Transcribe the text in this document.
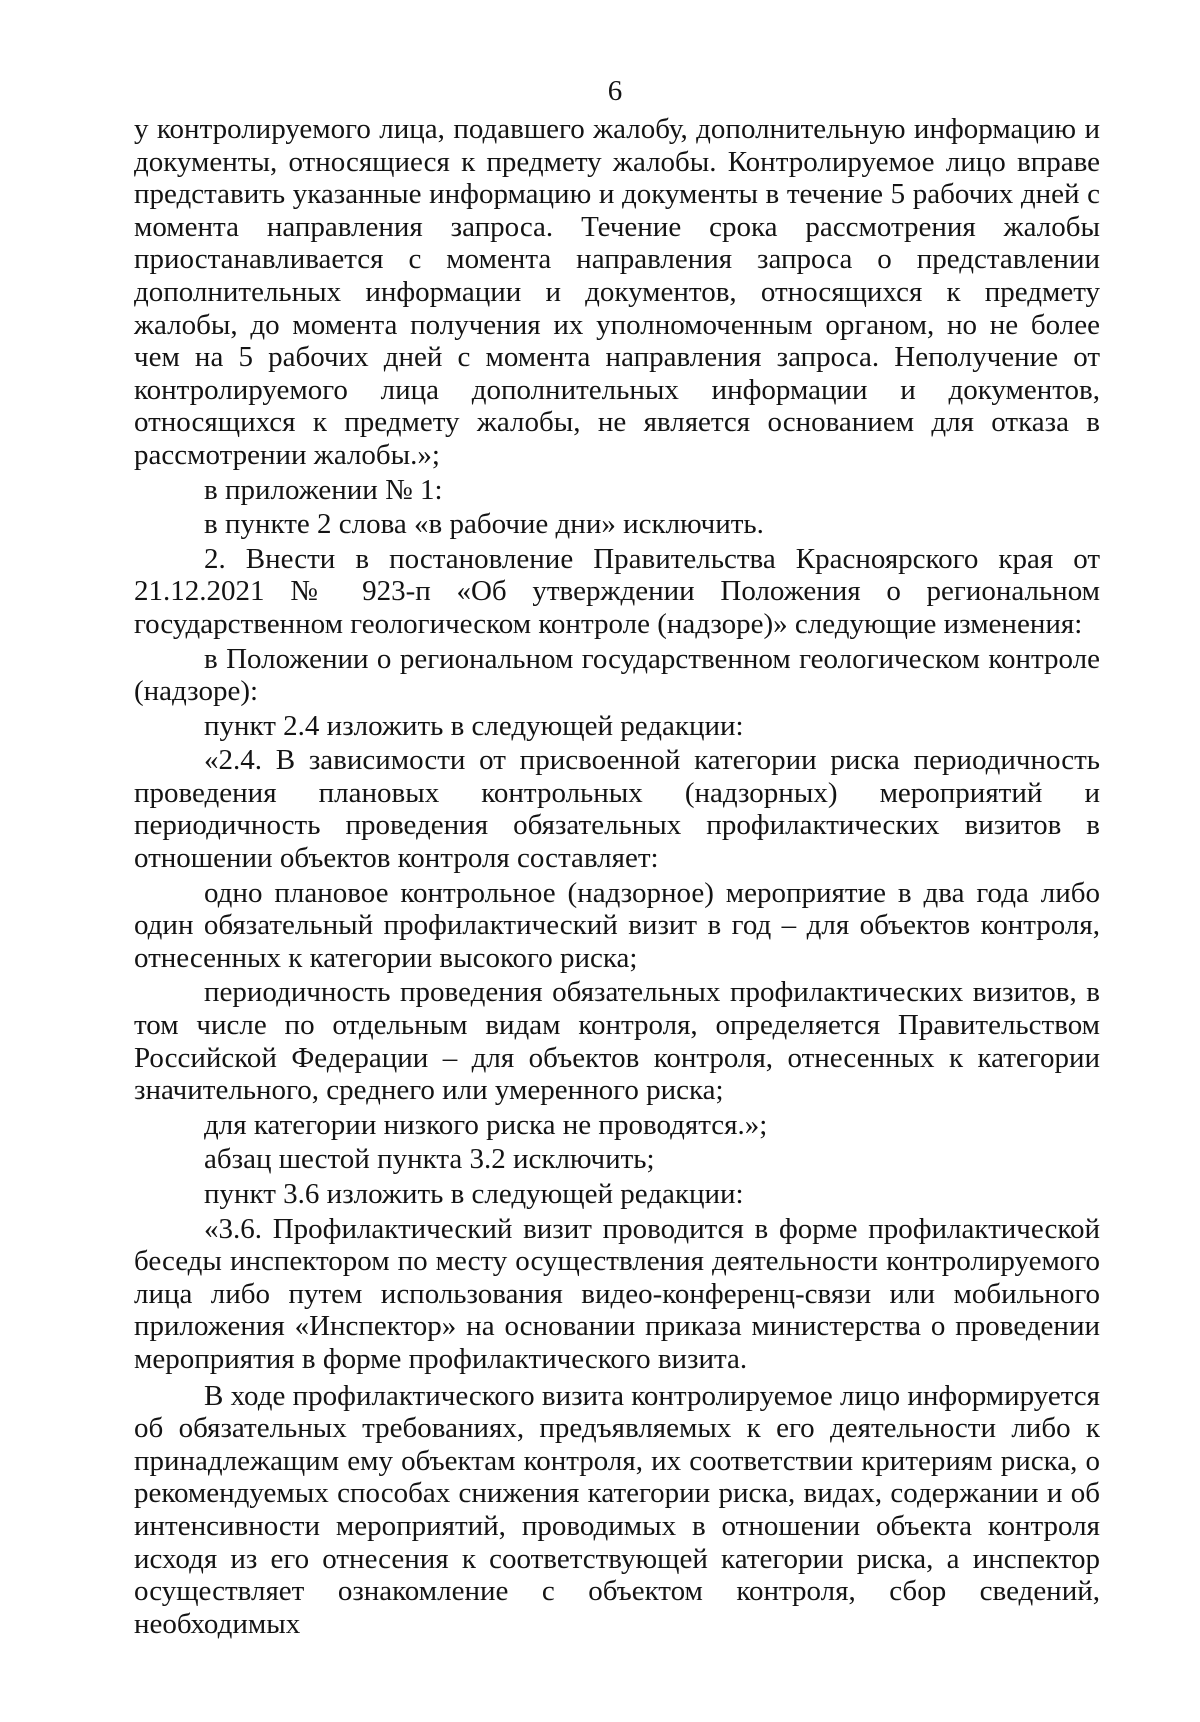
6

у контролируемого лица, подавшего жалобу, дополнительную информацию и документы, относящиеся к предмету жалобы. Контролируемое лицо вправе представить указанные информацию и документы в течение 5 рабочих дней с момента направления запроса. Течение срока рассмотрения жалобы приостанавливается с момента направления запроса о представлении дополнительных информации и документов, относящихся к предмету жалобы, до момента получения их уполномоченным органом, но не более чем на 5 рабочих дней с момента направления запроса. Неполучение от контролируемого лица дополнительных информации и документов, относящихся к предмету жалобы, не является основанием для отказа в рассмотрении жалобы.»;

в приложении № 1:

в пункте 2 слова «в рабочие дни» исключить.

2. Внести в постановление Правительства Красноярского края от 21.12.2021 № 923-п «Об утверждении Положения о региональном государственном геологическом контроле (надзоре)» следующие изменения:

в Положении о региональном государственном геологическом контроле (надзоре):

пункт 2.4 изложить в следующей редакции:

«2.4. В зависимости от присвоенной категории риска периодичность проведения плановых контрольных (надзорных) мероприятий и периодичность проведения обязательных профилактических визитов в отношении объектов контроля составляет:

одно плановое контрольное (надзорное) мероприятие в два года либо один обязательный профилактический визит в год – для объектов контроля, отнесенных к категории высокого риска;

периодичность проведения обязательных профилактических визитов, в том числе по отдельным видам контроля, определяется Правительством Российской Федерации – для объектов контроля, отнесенных к категории значительного, среднего или умеренного риска;

для категории низкого риска не проводятся.»;

абзац шестой пункта 3.2 исключить;

пункт 3.6 изложить в следующей редакции:

«3.6. Профилактический визит проводится в форме профилактической беседы инспектором по месту осуществления деятельности контролируемого лица либо путем использования видео-конференц-связи или мобильного приложения «Инспектор» на основании приказа министерства о проведении мероприятия в форме профилактического визита.

В ходе профилактического визита контролируемое лицо информируется об обязательных требованиях, предъявляемых к его деятельности либо к принадлежащим ему объектам контроля, их соответствии критериям риска, о рекомендуемых способах снижения категории риска, видах, содержании и об интенсивности мероприятий, проводимых в отношении объекта контроля исходя из его отнесения к соответствующей категории риска, а инспектор осуществляет ознакомление с объектом контроля, сбор сведений, необходимых
